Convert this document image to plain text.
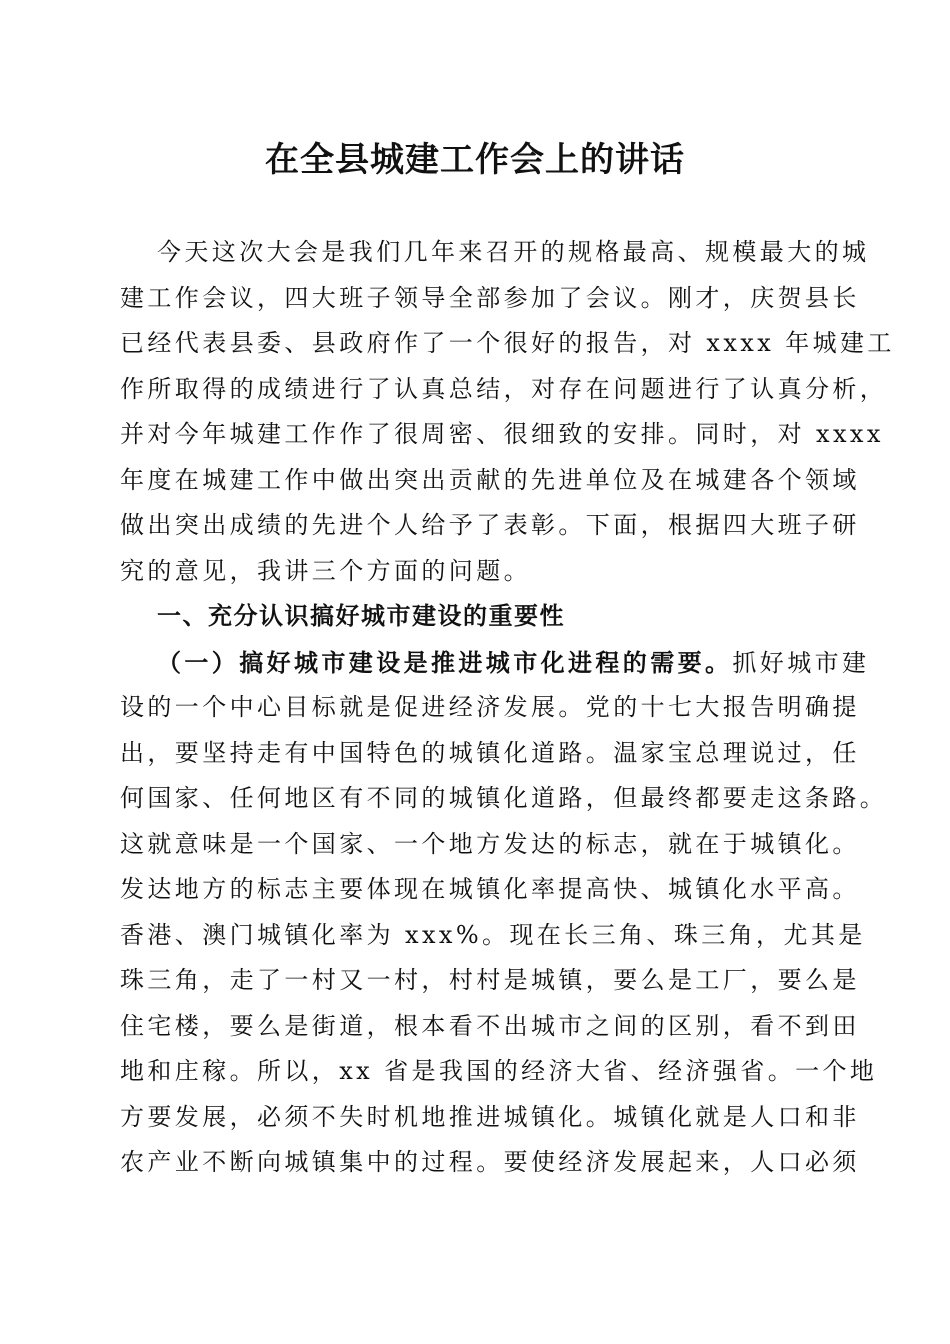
在全县城建工作会上的讲话
今天这次大会是我们几年来召开的规格最高、规模最大的城
建工作会议，四大班子领导全部参加了会议。刚才，庆贺县长
已经代表县委、县政府作了一个很好的报告，对 xxxx 年城建工
作所取得的成绩进行了认真总结，对存在问题进行了认真分析，
并对今年城建工作作了很周密、很细致的安排。同时，对 xxxx
年度在城建工作中做出突出贡献的先进单位及在城建各个领域
做出突出成绩的先进个人给予了表彰。下面，根据四大班子研
究的意见，我讲三个方面的问题。
一、充分认识搞好城市建设的重要性
（一）搞好城市建设是推进城市化进程的需要。抓好城市建
设的一个中心目标就是促进经济发展。党的十七大报告明确提
出，要坚持走有中国特色的城镇化道路。温家宝总理说过，任
何国家、任何地区有不同的城镇化道路，但最终都要走这条路。
这就意味是一个国家、一个地方发达的标志，就在于城镇化。
发达地方的标志主要体现在城镇化率提高快、城镇化水平高。
香港、澳门城镇化率为 xxx%。现在长三角、珠三角，尤其是
珠三角，走了一村又一村，村村是城镇，要么是工厂，要么是
住宅楼，要么是街道，根本看不出城市之间的区别，看不到田
地和庄稼。所以，xx 省是我国的经济大省、经济强省。一个地
方要发展，必须不失时机地推进城镇化。城镇化就是人口和非
农产业不断向城镇集中的过程。要使经济发展起来，人口必须
